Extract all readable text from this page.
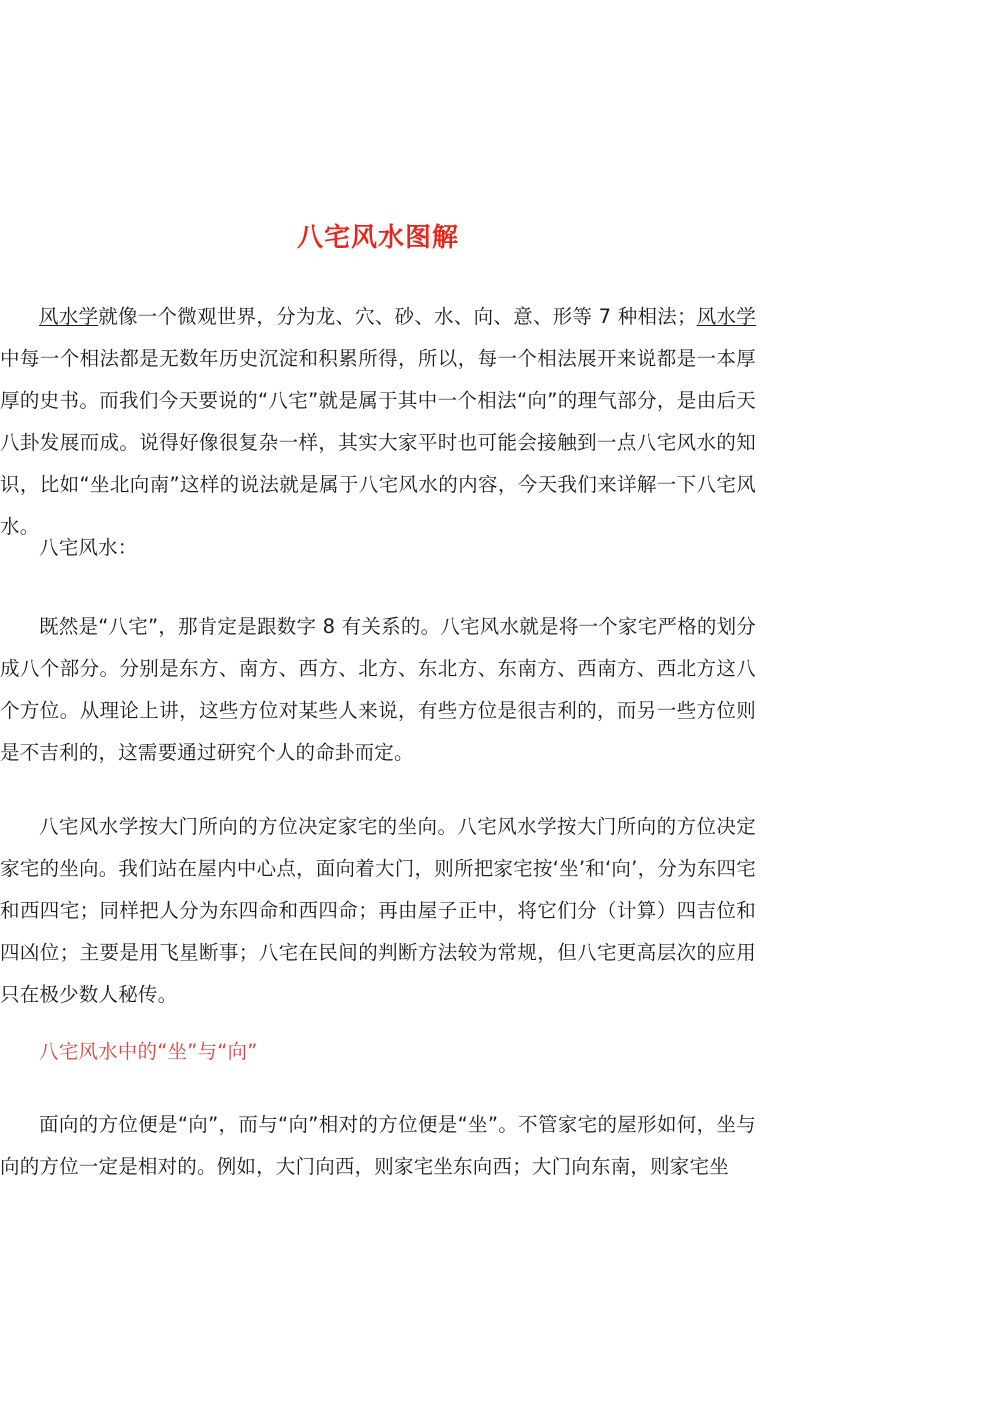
八宅风水图解

风水学就像一个微观世界，分为龙、穴、砂、水、向、意、形等 7 种相法；风水学中每一个相法都是无数年历史沉淀和积累所得，所以，每一个相法展开来说都是一本厚厚的史书。而我们今天要说的“八宅”就是属于其中一个相法“向”的理气部分，是由后天八卦发展而成。说得好像很复杂一样，其实大家平时也可能会接触到一点八宅风水的知识，比如“坐北向南”这样的说法就是属于八宅风水的内容，今天我们来详解一下八宅风水。

八宅风水：

既然是“八宅”，那肯定是跟数字 8 有关系的。八宅风水就是将一个家宅严格的划分成八个部分。分别是东方、南方、西方、北方、东北方、东南方、西南方、西北方这八个方位。从理论上讲，这些方位对某些人来说，有些方位是很吉利的，而另一些方位则是不吉利的，这需要通过研究个人的命卦而定。

八宅风水学按大门所向的方位决定家宅的坐向。八宅风水学按大门所向的方位决定家宅的坐向。我们站在屋内中心点，面向着大门，则所把家宅按‘坐’和‘向’，分为东四宅和西四宅；同样把人分为东四命和西四命；再由屋子正中，将它们分（计算）四吉位和四凶位；主要是用飞星断事；八宅在民间的判断方法较为常规，但八宅更高层次的应用只在极少数人秘传。

八宅风水中的“坐”与“向”

面向的方位便是“向”，而与“向”相对的方位便是“坐”。不管家宅的屋形如何，坐与向的方位一定是相对的。例如，大门向西，则家宅坐东向西；大门向东南，则家宅坐
